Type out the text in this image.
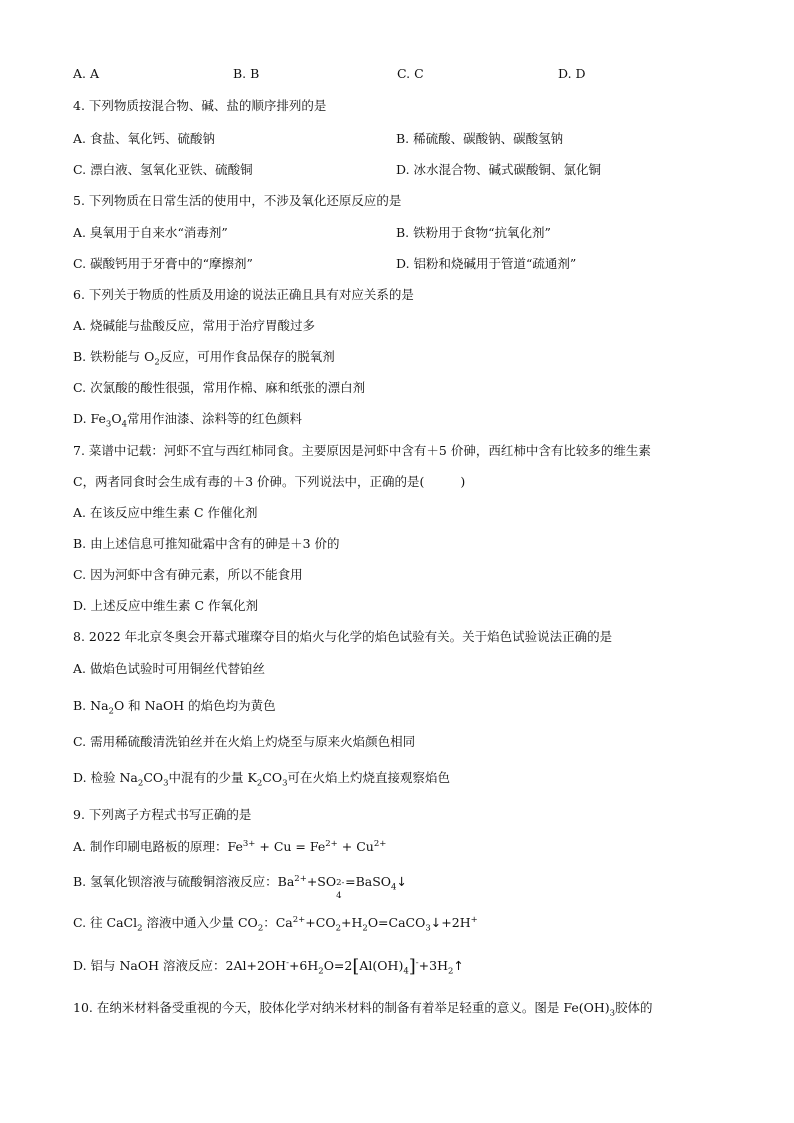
A. A	B. B	C. C	D. D
4. 下列物质按混合物、碱、盐的顺序排列的是
A. 食盐、氧化钙、硫酸钠	B. 稀硫酸、碳酸钠、碳酸氢钠
C. 漂白液、氢氧化亚铁、硫酸铜	D. 冰水混合物、碱式碳酸铜、氯化铜
5. 下列物质在日常生活的使用中，不涉及氧化还原反应的是
A. 臭氧用于自来水“消毒剂”	B. 铁粉用于食物“抗氧化剂”
C. 碳酸钙用于牙膏中的“摩擦剂”	D. 铝粉和烧碱用于管道“疏通剂”
6. 下列关于物质的性质及用途的说法正确且具有对应关系的是
A. 烧碱能与盐酸反应，常用于治疗胃酸过多
B. 铁粉能与 $O_2$反应，可用作食品保存的脱氧剂
C. 次氯酸的酸性很强，常用作棉、麻和纸张的漂白剂
D. $Fe_3O_4$常用作油漆、涂料等的红色颜料
7. 菜谱中记载：河虾不宜与西红柿同食。主要原因是河虾中含有＋5 价砷，西红柿中含有比较多的维生素
C，两者同食时会生成有毒的＋3 价砷。下列说法中，正确的是(	)
A. 在该反应中维生素 C 作催化剂
B. 由上述信息可推知砒霜中含有的砷是＋3 价的
C. 因为河虾中含有砷元素，所以不能食用
D. 上述反应中维生素 C 作氧化剂
8. 2022 年北京冬奥会开幕式璀璨夺目的焰火与化学的焰色试验有关。关于焰色试验说法正确的是
A. 做焰色试验时可用铜丝代替铂丝
B. $Na_2O$ 和 NaOH 的焰色均为黄色
C. 需用稀硫酸清洗铂丝并在火焰上灼烧至与原来火焰颜色相同
D. 检验 $Na_2CO_3$中混有的少量 $K_2CO_3$可在火焰上灼烧直接观察焰色
9. 下列离子方程式书写正确的是
A. 制作印刷电路板的原理：$Fe^{3+} + Cu = Fe^{2+} + Cu^{2+}$
B. 氢氧化钡溶液与硫酸铜溶液反应：$Ba^{2+}+SO$ 2-
4
=BaSO$_4$↓
C. 往 CaCl$_2$ 溶液中通入少量 $CO_2$：$Ca^{2+}+CO_2+H_2O=CaCO_3↓+2H^+$
D. 铝与 NaOH 溶液反应：$2Al+2OH^-+6H_2O=2[Al(OH)_4]^-+3H_2↑$
10. 在纳米材料备受重视的今天，胶体化学对纳米材料的制备有着举足轻重的意义。图是 $Fe(OH)_3$胶体的
